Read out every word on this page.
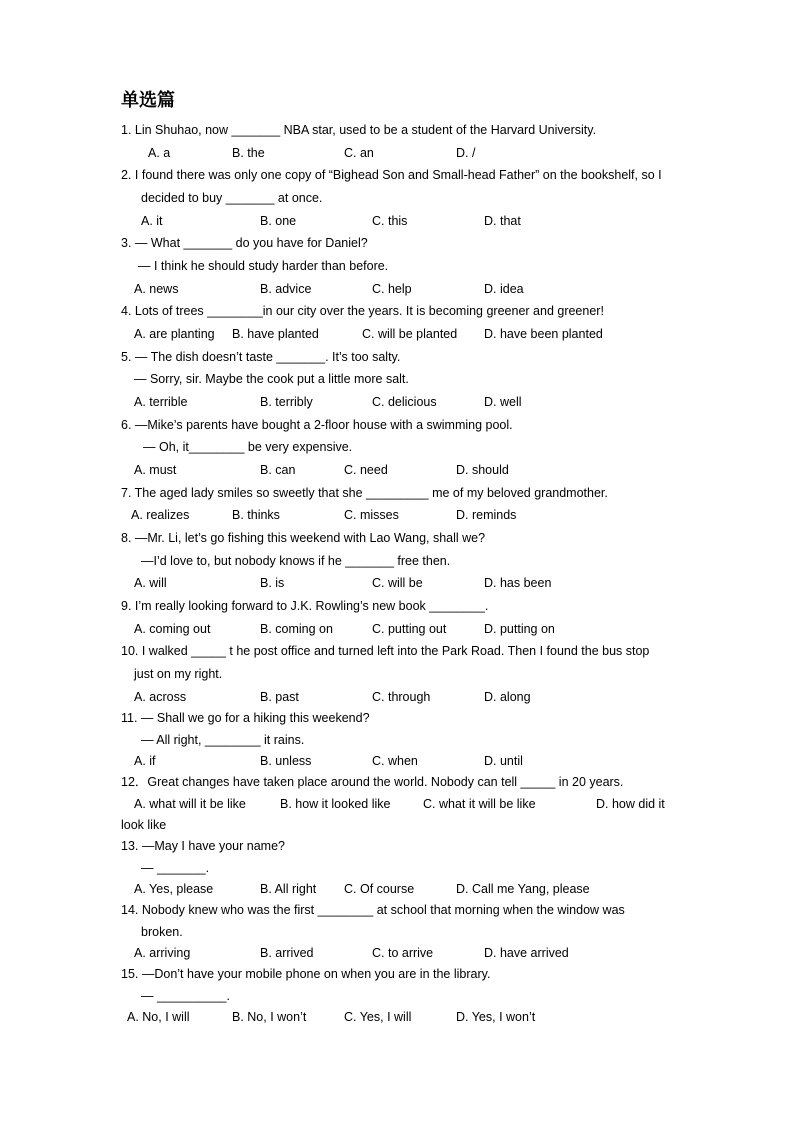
单选篇
1. Lin Shuhao, now _______ NBA star, used to be a student of the Harvard University.
A. a	B. the	C. an	D. /
2. I found there was only one copy of “Bighead Son and Small-head Father” on the bookshelf, so I
decided to buy _______ at once.
A. it	B. one	C. this	D. that
3. — What _______ do you have for Daniel?
— I think he should study harder than before.
A. news	B. advice	C. help	D. idea
4. Lots of trees ________in our city over the years. It is becoming greener and greener!
A. are planting B. have planted	C. will be planted D. have been planted
5. — The dish doesn’t taste _______. It’s too salty.
— Sorry, sir. Maybe the cook put a little more salt.
A. terrible	B. terribly	C. delicious	D. well
6. —Mike’s parents have bought a 2-floor house with a swimming pool.
— Oh, it________ be very expensive.
A. must	B. can	C. need	D. should
7. The aged lady smiles so sweetly that she _________ me of my beloved grandmother.
A. realizes	B. thinks	C. misses	D. reminds
8. —Mr. Li, let’s go fishing this weekend with Lao Wang, shall we?
—I’d love to, but nobody knows if he _______ free then.
A. will	B. is	C. will be	D. has been
9. I’m really looking forward to J.K. Rowling’s new book ________.
A. coming out	B. coming on	C. putting out	D. putting on
10. I walked _____ t he post office and turned left into the Park Road. Then I found the bus stop
just on my right.
A. across	B. past	C. through	D. along
11. — Shall we go for a hiking this weekend?
— All right, ________ it rains.
A. if	B. unless	C. when	D. until
12．Great changes have taken place around the world. Nobody can tell _____ in 20 years.
A. what will it be like	B. how it looked like	C. what it will be like	D. how did it
look like
13. —May I have your name?
— _______.
A. Yes, please	B. All right C. Of course	D. Call me Yang, please
14. Nobody knew who was the first ________ at school that morning when the window was
broken.
A. arriving	B. arrived	C. to arrive	D. have arrived
15. —Don’t have your mobile phone on when you are in the library.
— __________.
A. No, I will	B. No, I won’t	C. Yes, I will	D. Yes, I won’t
